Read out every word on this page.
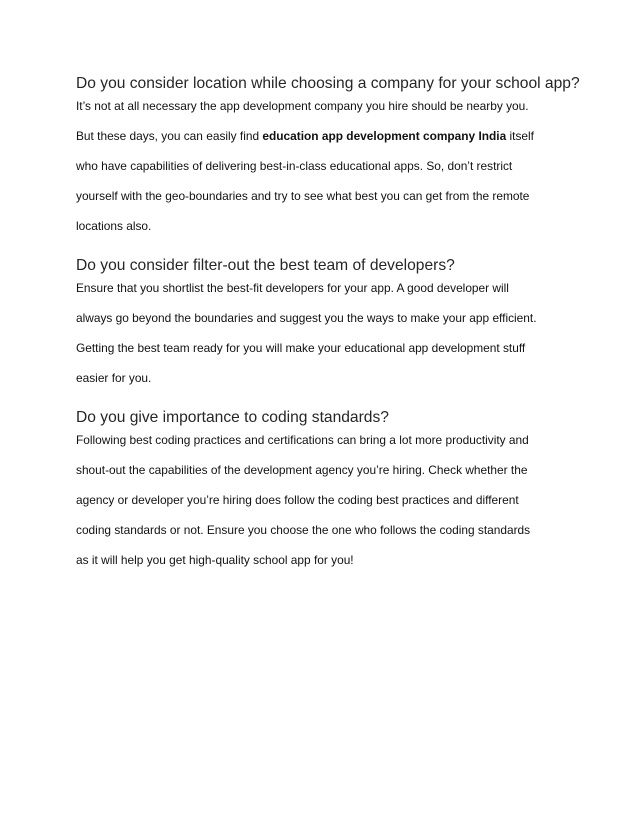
Do you consider location while choosing a company for your school app?
It’s not at all necessary the app development company you hire should be nearby you.
But these days, you can easily find education app development company India itself
who have capabilities of delivering best-in-class educational apps. So, don’t restrict
yourself with the geo-boundaries and try to see what best you can get from the remote
locations also.
Do you consider filter-out the best team of developers?
Ensure that you shortlist the best-fit developers for your app. A good developer will
always go beyond the boundaries and suggest you the ways to make your app efficient.
Getting the best team ready for you will make your educational app development stuff
easier for you.
Do you give importance to coding standards?
Following best coding practices and certifications can bring a lot more productivity and
shout-out the capabilities of the development agency you’re hiring. Check whether the
agency or developer you’re hiring does follow the coding best practices and different
coding standards or not. Ensure you choose the one who follows the coding standards
as it will help you get high-quality school app for you!
